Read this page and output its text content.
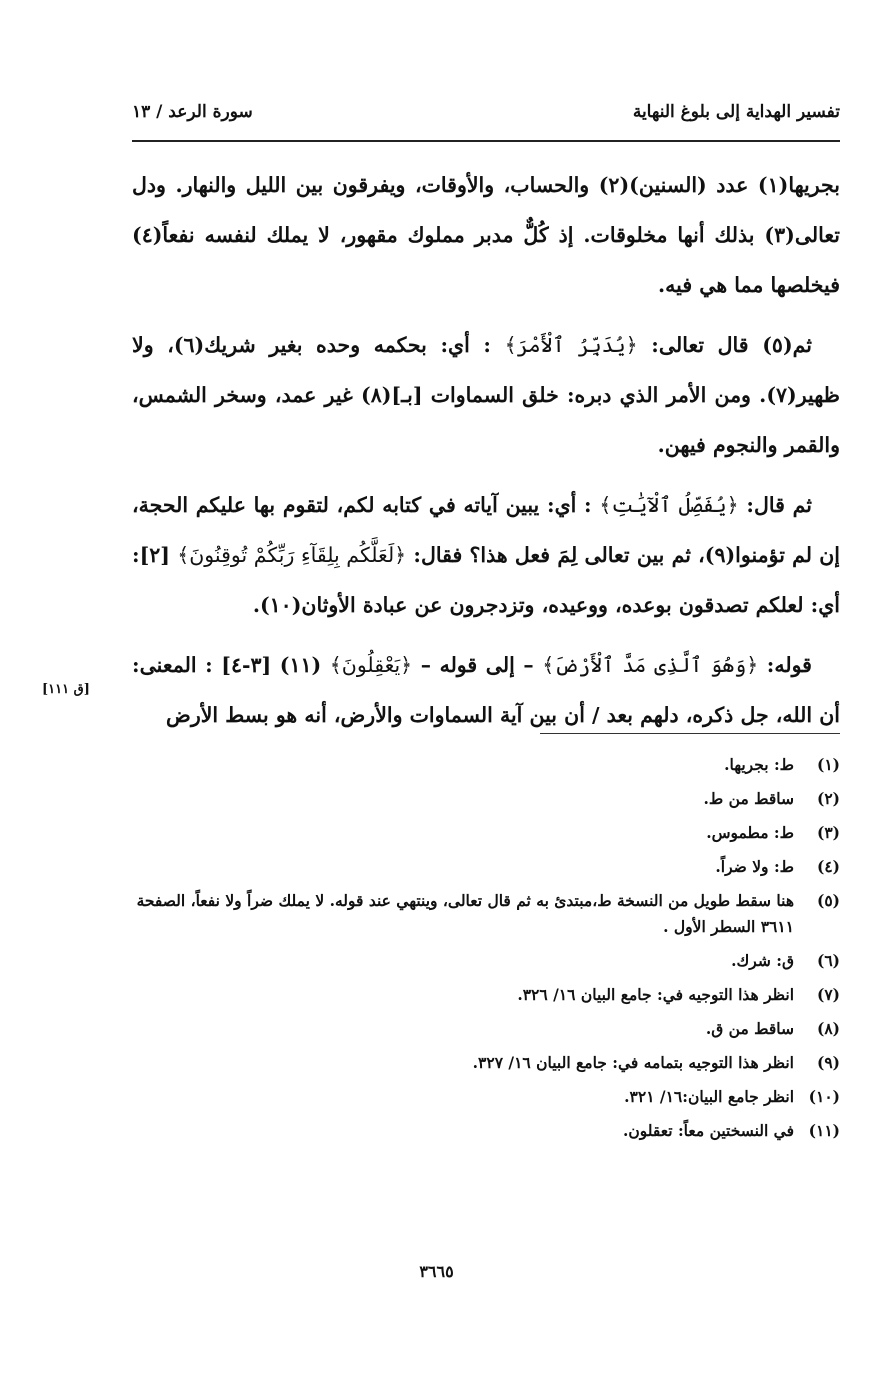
تفسير الهداية إلى بلوغ النهاية
سورة الرعد / ١٣

بجريها(١) عدد (السنين)(٢) والحساب، والأوقات، ويفرقون بين الليل والنهار. ودل تعالى(٣) بذلك أنها مخلوقات. إذ كُلٌّ مدبر مملوك مقهور، لا يملك لنفسه نفعاً(٤) فيخلصها مما هي فيه.

ثم(٥) قال تعالى: ﴿يُدَبِّرُ ٱلْأَمْرَ﴾ : أي: بحكمه وحده بغير شريك(٦)، ولا ظهير(٧). ومن الأمر الذي دبره: خلق السماوات [بـ](٨) غير عمد، وسخر الشمس، والقمر والنجوم فيهن.

ثم قال: ﴿يُفَصِّلُ ٱلْآيَٰتِ﴾ : أي: يبين آياته في كتابه لكم، لتقوم بها عليكم الحجة، إن لم تؤمنوا(٩)، ثم بين تعالى لِمَ فعل هذا؟ فقال: ﴿لَعَلَّكُم بِلِقَآءِ رَبِّكُمْ تُوقِنُونَ﴾ [٢]: أي: لعلكم تصدقون بوعده، ووعيده، وتزدجرون عن عبادة الأوثان(١٠).

قوله: ﴿وَهُوَ ٱلَّذِى مَدَّ ٱلْأَرْضَ﴾ – إلى قوله – ﴿يَعْقِلُونَ﴾ (١١) [٣-٤] : المعنى: أن الله، جل ذكره، دلهم بعد / أن بين آية السماوات والأرض، أنه هو بسط الأرض

[ق ١١١]
(١)
ط: بجريها.
(٢)
ساقط من ط.
(٣)
ط: مطموس.
(٤)
ط: ولا ضراً.
(٥)
هنا سقط طويل من النسخة ط،مبتدئ به ثم قال تعالى، وينتهي عند قوله. لا يملك ضراً ولا نفعاً، الصفحة ٣٦١١ السطر الأول .
(٦)
ق: شرك.
(٧)
انظر هذا التوجيه في: جامع البيان ١٦/ ٣٢٦.
(٨)
ساقط من ق.
(٩)
انظر هذا التوجيه بتمامه في: جامع البيان ١٦/ ٣٢٧.
(١٠)
انظر جامع البيان:١٦/ ٣٢١.
(١١)
في النسختين معاً: تعقلون.
٣٦٦٥
